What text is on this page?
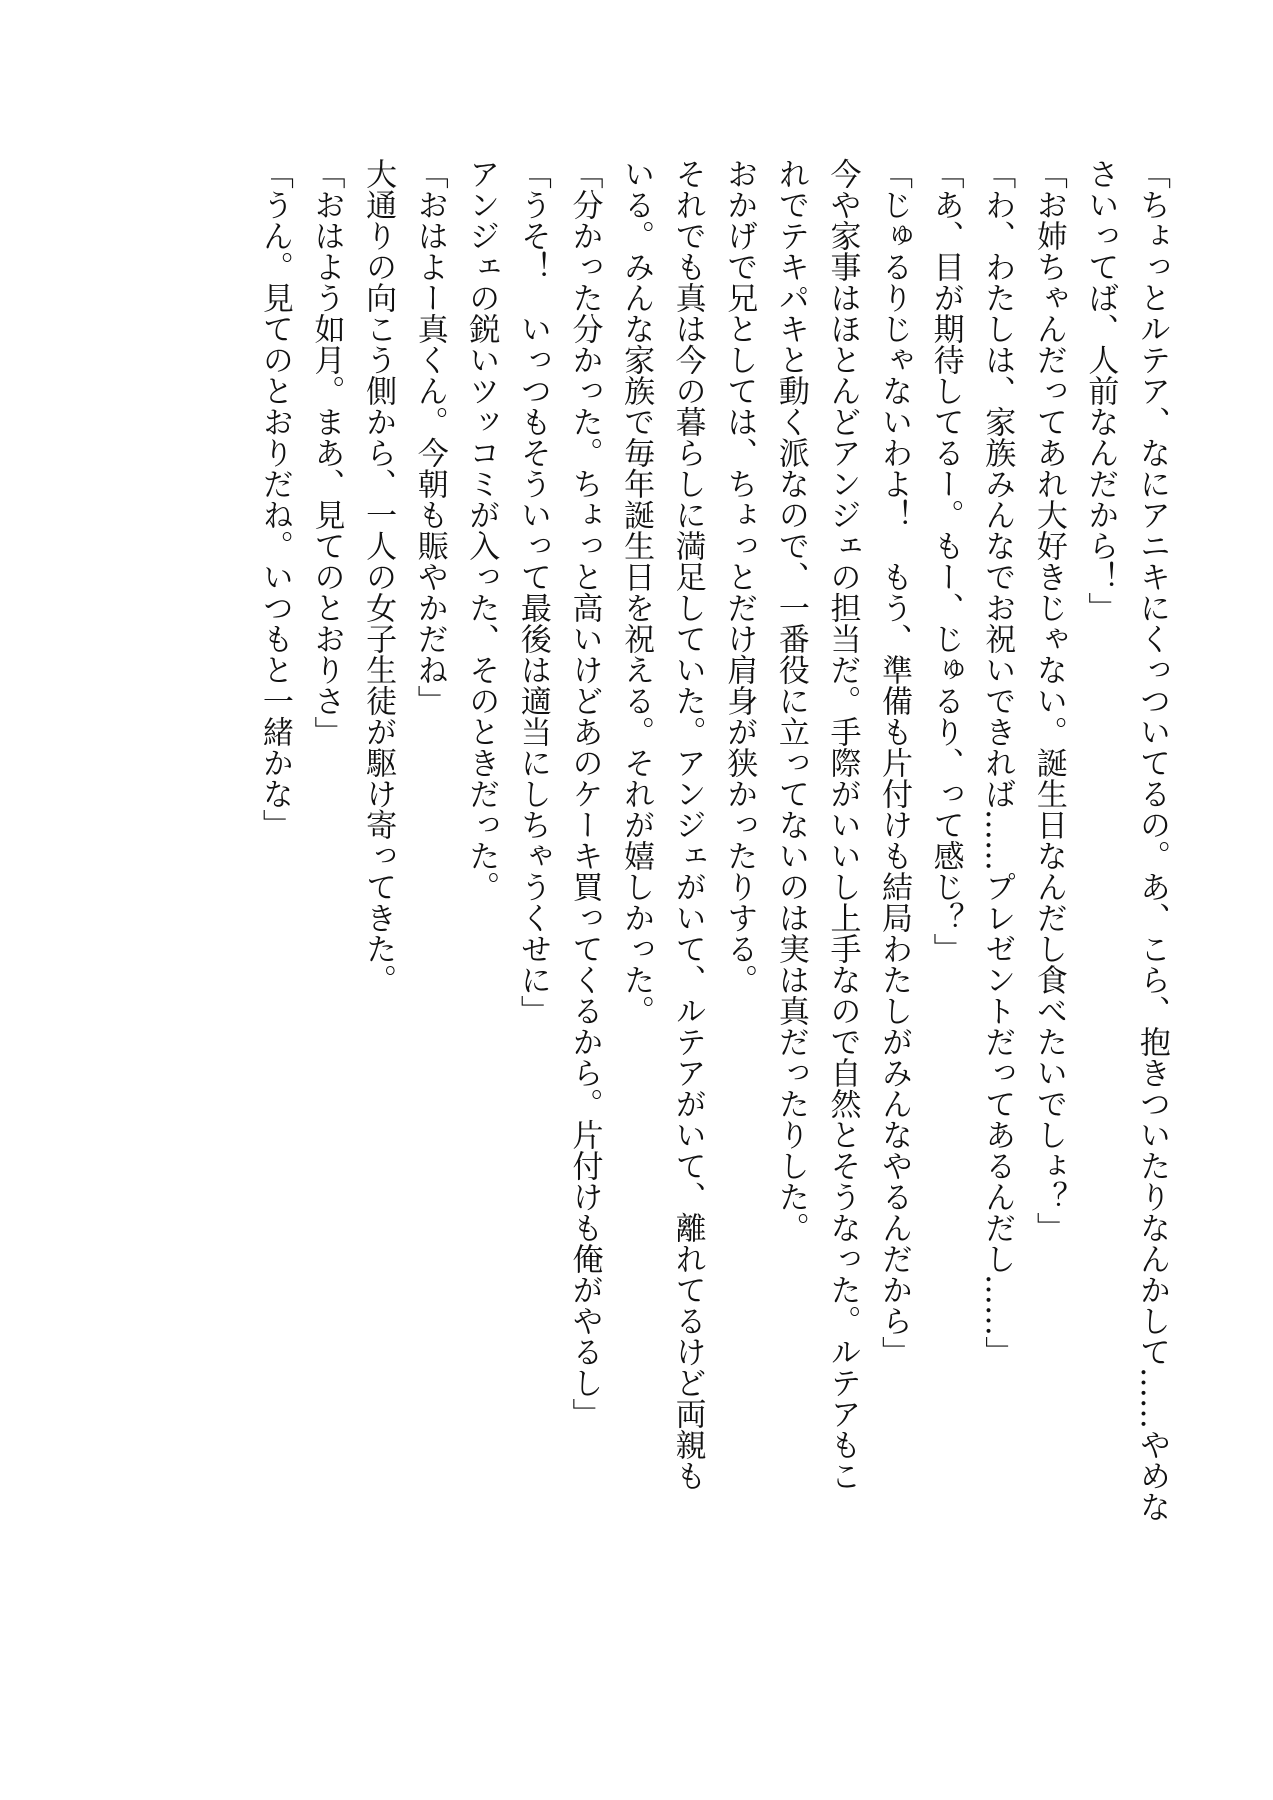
「ちょっとルテア、なにアニキにくっついてるの。あ、こら、抱きついたりなんかして……やめな
さいってば、人前なんだから！」
「お姉ちゃんだってあれ大好きじゃない。誕生日なんだし食べたいでしょ？」
「わ、わたしは、家族みんなでお祝いできれば……プレゼントだってあるんだし……」
「あ、目が期待してるー。もー、じゅるり、って感じ？」
「じゅるりじゃないわよ！　もう、準備も片付けも結局わたしがみんなやるんだから」
今や家事はほとんどアンジェの担当だ。手際がいいし上手なので自然とそうなった。ルテアもこ
れでテキパキと動く派なので、一番役に立ってないのは実は真だったりした。
おかげで兄としては、ちょっとだけ肩身が狭かったりする。
それでも真は今の暮らしに満足していた。アンジェがいて、ルテアがいて、離れてるけど両親も
いる。みんな家族で毎年誕生日を祝える。それが嬉しかった。
「分かった分かった。ちょっと高いけどあのケーキ買ってくるから。片付けも俺がやるし」
「うそ！　いっつもそういって最後は適当にしちゃうくせに」
アンジェの鋭いツッコミが入った、そのときだった。
「おはよー真くん。今朝も賑やかだね」
大通りの向こう側から、一人の女子生徒が駆け寄ってきた。
「おはよう如月。まあ、見てのとおりさ」
「うん。見てのとおりだね。いつもと一緒かな」
